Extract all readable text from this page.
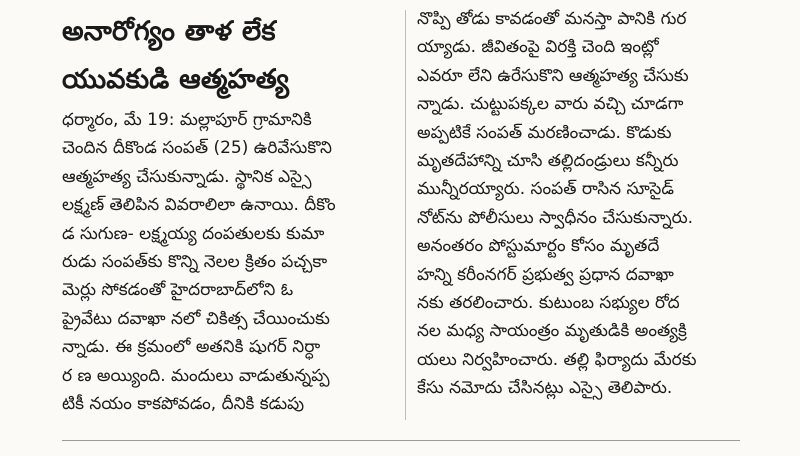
అనారోగ్యం తాళ లేక
యువకుడి ఆత్మహత్య
ధర్మారం, మే 19: మల్లాపూర్ గ్రామానికి
చెందిన దీకొండ సంపత్ (25) ఉరివేసుకొని
ఆత్మహత్య చేసుకున్నాడు. స్థానిక ఎస్సై
లక్ష్మణ్ తెలిపిన వివరాలిలా ఉనాయి. దీకొం
డ సుగుణ- లక్ష్మయ్య దంపతులకు కుమా
రుడు సంపత్‌కు కొన్ని నెలల క్రితం పచ్చకా
మెర్లు సోకడంతో హైదరాబాద్‌లోని ఓ
ప్రైవేటు దవాఖా నలో చికిత్స చేయించుకు
న్నాడు. ఈ క్రమంలో అతనికి షుగర్ నిర్ధా
ర ణ అయ్యింది. మందులు వాడుతున్నప్ప
టికీ నయం కాకపోవడం, దీనికి కడుపు
నొప్పి తోడు కావడంతో మనస్తా పానికి గుర
య్యాడు. జీవితంపై విరక్తి చెంది ఇంట్లో
ఎవరూ లేని ఉరేసుకొని ఆత్మహత్య చేసుకు
న్నాడు. చుట్టుపక్కల వారు వచ్చి చూడగా
అప్పటికే సంపత్ మరణించాడు. కొడుకు
మృతదేహాన్ని చూసి తల్లిదండ్రులు కన్నీరు
మున్నీరయ్యారు. సంపత్ రాసిన సూసైడ్
నోట్‌ను పోలీసులు స్వాధీనం చేసుకున్నారు.
అనంతరం పోస్టుమార్టం కోసం మృతదే
హన్ని కరీంనగర్ ప్రభుత్వ ప్రధాన దవాఖా
నకు తరలించారు. కుటుంబ సభ్యుల రోద
నల మధ్య సాయంత్రం మృతుడికి అంత్యక్రి
యలు నిర్వహించారు. తల్లి ఫిర్యాదు మేరకు
కేసు నమోదు చేసినట్లు ఎస్సై తెలిపారు.
